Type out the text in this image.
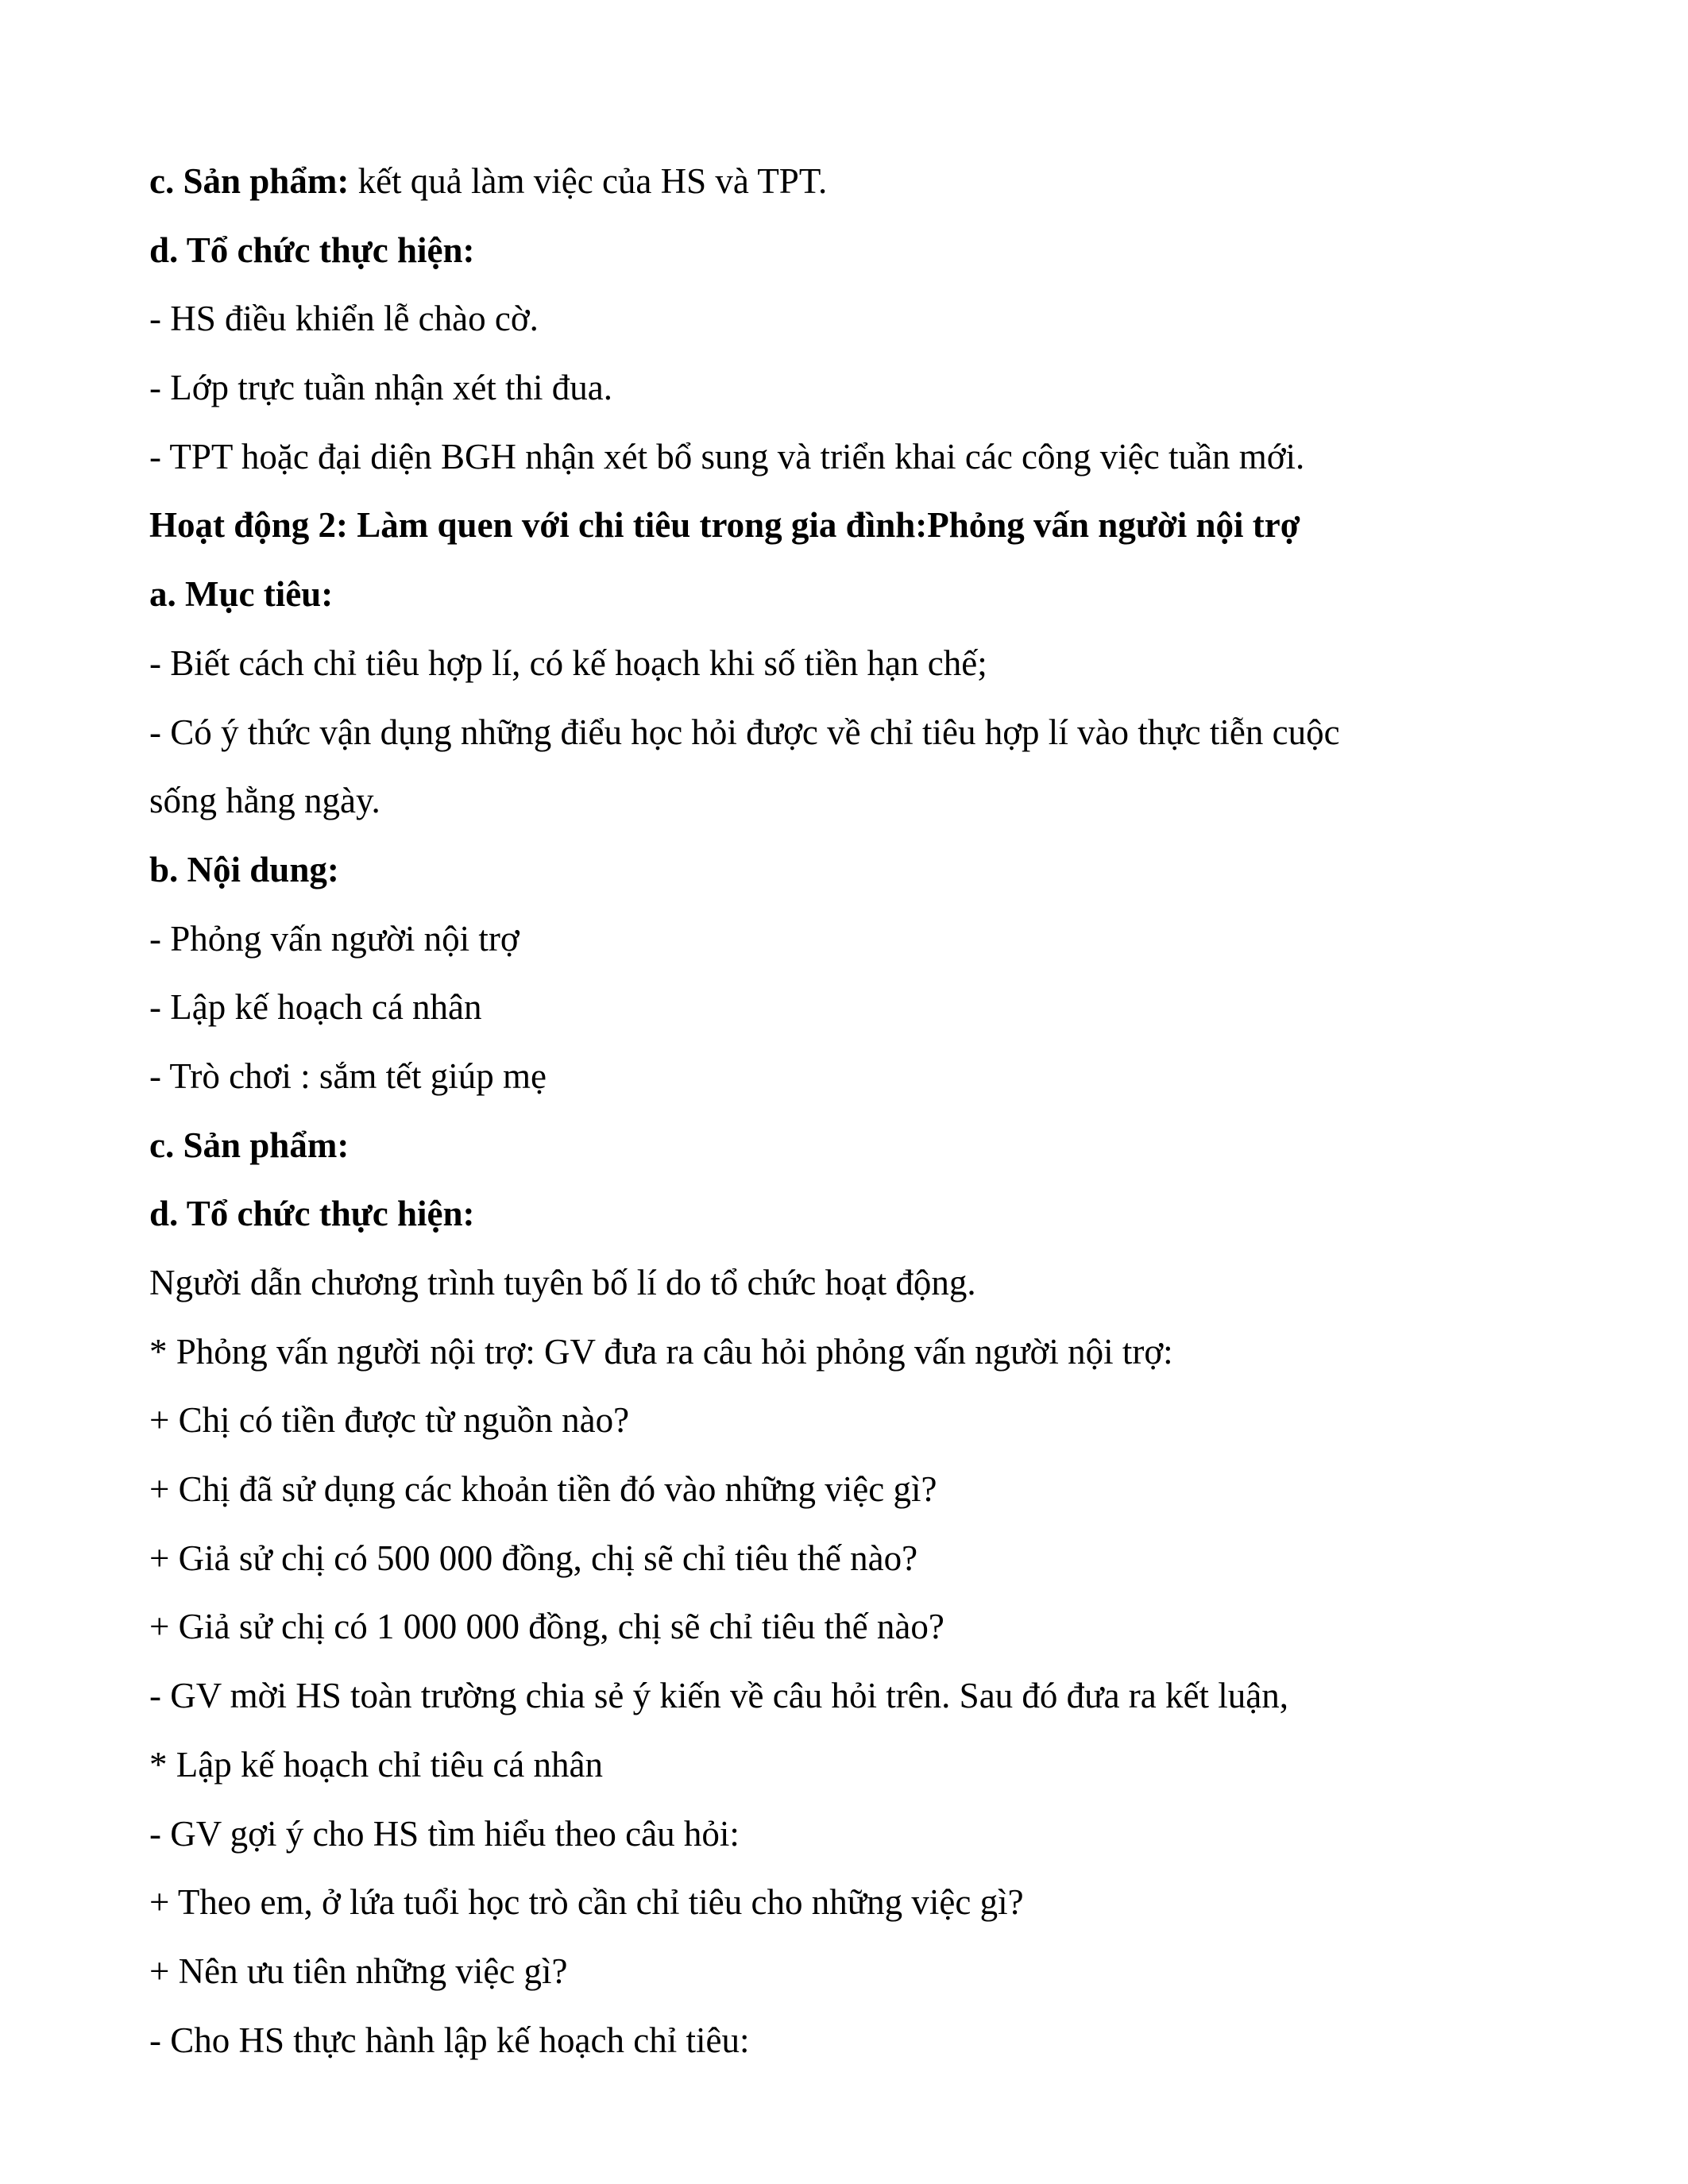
c. Sản phẩm: kết quả làm việc của HS và TPT.
d. Tổ chức thực hiện:
- HS điều khiển lễ chào cờ.
- Lớp trực tuần nhận xét thi đua.
- TPT hoặc đại diện BGH nhận xét bổ sung và triển khai các công việc tuần mới.
Hoạt động 2: Làm quen với chi tiêu trong gia đình:Phỏng vấn người nội trợ
a. Mục tiêu:
- Biết cách chỉ tiêu hợp lí, có kế hoạch khi số tiền hạn chế;
- Có ý thức vận dụng những điểu học hỏi được về chỉ tiêu hợp lí vào thực tiễn cuộc
sống hằng ngày.
b. Nội dung:
- Phỏng vấn người nội trợ
- Lập kế hoạch cá nhân
- Trò chơi : sắm tết giúp mẹ
c. Sản phẩm:
d. Tổ chức thực hiện:
Người dẫn chương trình tuyên bố lí do tổ chức hoạt động.
* Phỏng vấn người nội trợ: GV đưa ra câu hỏi phỏng vấn người nội trợ:
+ Chị có tiền được từ nguồn nào?
+ Chị đã sử dụng các khoản tiền đó vào những việc gì?
+ Giả sử chị có 500 000 đồng, chị sẽ chỉ tiêu thế nào?
+ Giả sử chị có 1 000 000 đồng, chị sẽ chỉ tiêu thế nào?
- GV mời HS toàn trường chia sẻ ý kiến về câu hỏi trên. Sau đó đưa ra kết luận,
* Lập kế hoạch chỉ tiêu cá nhân
- GV gợi ý cho HS tìm hiểu theo câu hỏi:
+ Theo em, ở lứa tuổi học trò cần chỉ tiêu cho những việc gì?
+ Nên ưu tiên những việc gì?
- Cho HS thực hành lập kế hoạch chỉ tiêu:
